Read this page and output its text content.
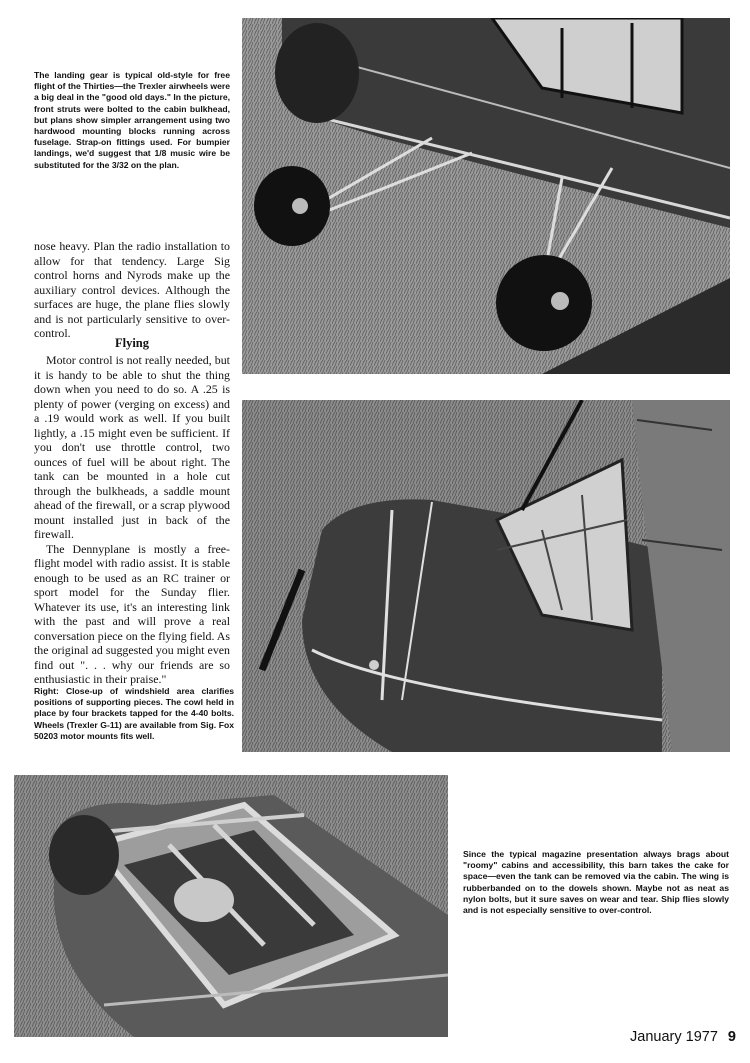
The landing gear is typical old-style for free flight of the Thirties—the Trexler airwheels were a big deal in the "good old days." In the picture, front struts were bolted to the cabin bulkhead, but plans show simpler arrangement using two hardwood mounting blocks running across fuselage. Strap-on fittings used. For bumpier landings, we'd suggest that 1/8 music wire be substituted for the 3/32 on the plan.

nose heavy. Plan the radio installation to allow for that tendency. Large Sig control horns and Nyrods make up the auxiliary control devices. Although the surfaces are huge, the plane flies slowly and is not particularly sensitive to over-control.

Flying

Motor control is not really needed, but it is handy to be able to shut the thing down when you need to do so. A .25 is plenty of power (verging on excess) and a .19 would work as well. If you built lightly, a .15 might even be sufficient. If you don't use throttle control, two ounces of fuel will be about right. The tank can be mounted in a hole cut through the bulkheads, a saddle mount ahead of the firewall, or a scrap plywood mount installed just in back of the firewall.

The Dennyplane is mostly a free-flight model with radio assist. It is stable enough to be used as an RC trainer or sport model for the Sunday flier. Whatever its use, it's an interesting link with the past and will prove a real conversation piece on the flying field. As the original ad suggested you might even find out ". . . why our friends are so enthusiastic in their praise."

Right: Close-up of windshield area clarifies positions of supporting pieces. The cowl held in place by four brackets tapped for the 4-40 bolts. Wheels (Trexler G-11) are available from Sig. Fox 50203 motor mounts fits well.

Since the typical magazine presentation always brags about "roomy" cabins and accessibility, this barn takes the cake for space—even the tank can be removed via the cabin. The wing is rubberbanded on to the dowels shown. Maybe not as neat as nylon bolts, but it sure saves on wear and tear. Ship flies slowly and is not especially sensitive to over-control.

January 1977 9
